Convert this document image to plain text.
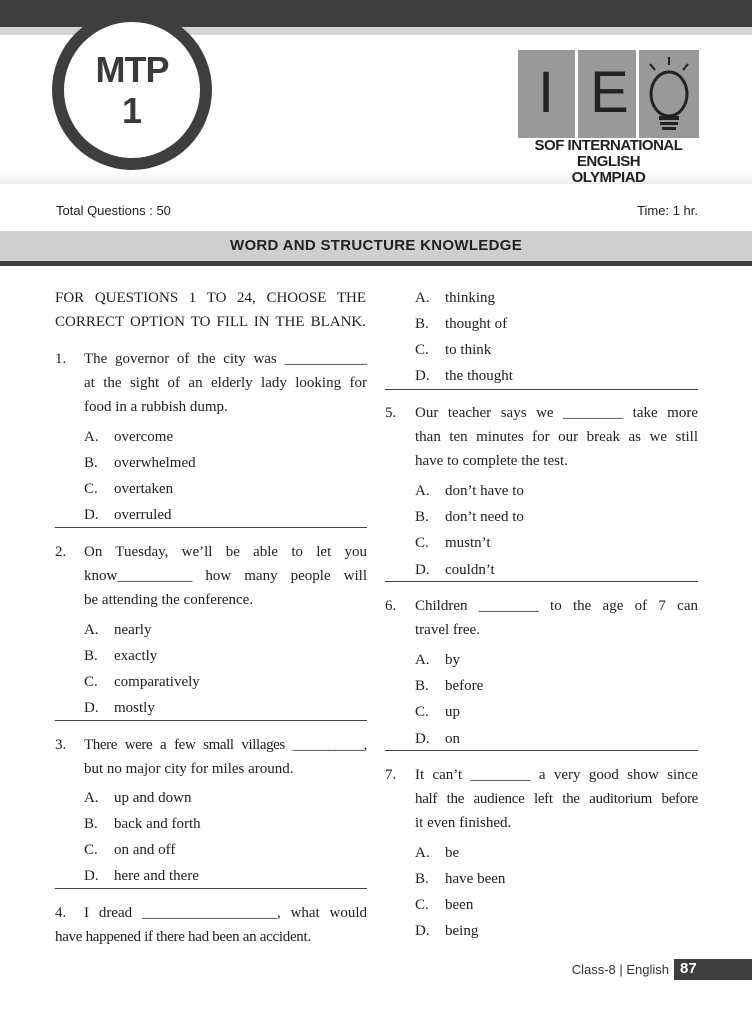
MTP
1	I E
SOF INTERNATIONAL ENGLISH
OLYMPIAD
Total Questions : 50	Time: 1 hr.
WORD AND STRUCTURE KNOWLEDGE
FOR QUESTIONS 1 TO 24, CHOOSE THE CORRECT OPTION TO FILL IN THE BLANK.
1. The governor of the city was ___________
at the sight of an elderly lady looking for
food in a rubbish dump.
A. overcome
B. overwhelmed
C. overtaken
D. overruled
2. On Tuesday, we’ll be able to let you
know__________ how many people will
be attending the conference.
A. nearly
B. exactly
C. comparatively
D. mostly
3. There were a few small villages __________,
but no major city for miles around.
A. up and down
B. back and forth
C. on and off
D. here and there
4. I dread __________________, what would
have happened if there had been an accident.
A. thinking
B. thought of
C. to think
D. the thought
5. Our teacher says we ________ take more
than ten minutes for our break as we still
have to complete the test.
A. don’t have to
B. don’t need to
C. mustn’t
D. couldn’t
6. Children ________ to the age of 7 can
travel free.
A. by
B. before
C. up
D. on
7. It can’t ________ a very good show since
half the audience left the auditorium before
it even finished.
A. be
B. have been
C. been
D. being
Class-8 | English 87
